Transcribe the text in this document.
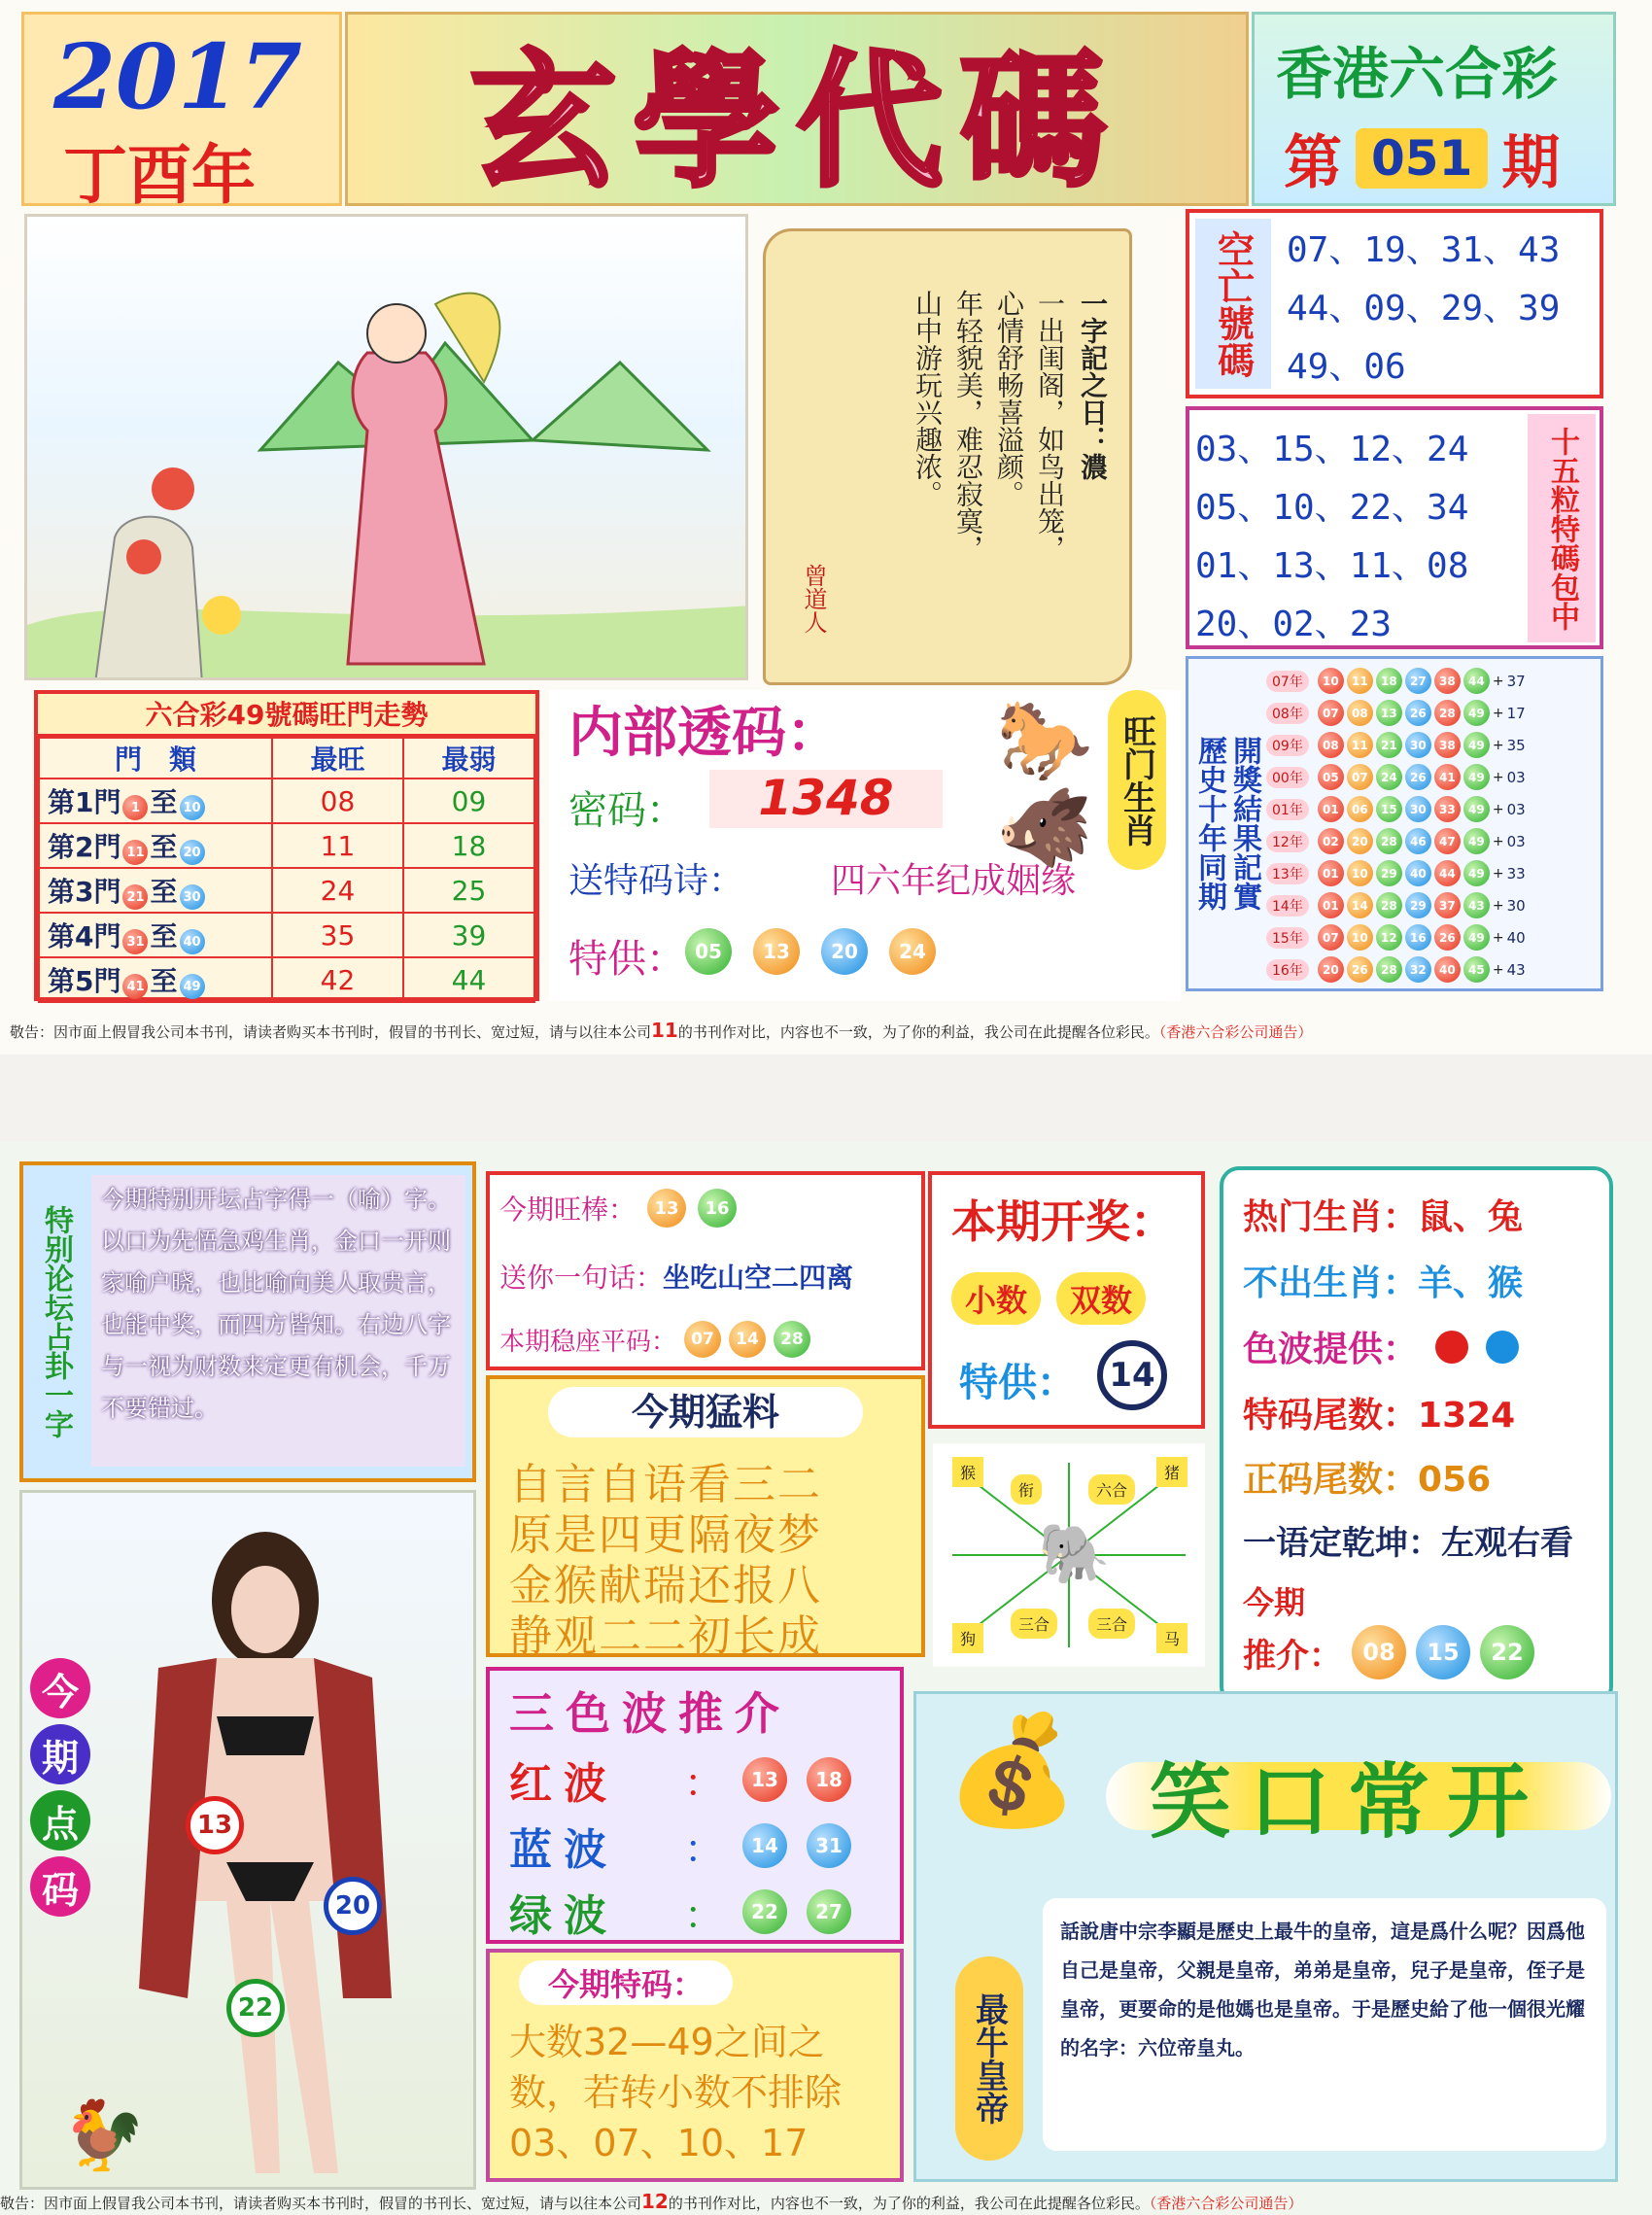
2017
丁酉年 玄學代碼	香港六合彩
第 051 期
一字記之日：濃
一出闺阁，如鸟出笼，
心情舒畅喜溢颜。
年轻貌美，难忍寂寞，
山中游玩兴趣浓。
曾道人
空亡號碼 07、19、31、43
44、09、29、39
49、06
03、15、12、24
05、10、22、34
01、13、11、08
20、02、23	十五粒特碼包中
六合彩49號碼旺門走勢
門　類	最旺	最弱
第1門 1 至 10	08	09
第2門 11 至 20	11	18
第3門 21 至 30	24	25
第4門 31 至 40	35	39
第5門 41 至 49	42	44
内部透码：
密码：	1348
送特码诗： 四六年纪成姻缘
特供： 05	13	20	24
🐎
🐗 旺门生肖	歷史十年同期 開獎結果記實
07年	10	11	18	27	38	44 + 37
08年	07	08	13	26	28	49 + 17
09年	08	11	21	30	38	49 + 35
00年	05	07	24	26	41	49 + 03
01年	01	06	15	30	33	49 + 03
12年	02	20	28	46	47	49 + 03
13年	01	10	29	40	44	49 + 33
14年	01	14	28	29	37	43 + 30
15年	07	10	12	16	26	49 + 40
16年	20	26	28	32	40	45 + 43
敬告：因市面上假冒我公司本书刊，请读者购买本书刊时，假冒的书刊长、宽过短，请与以往本公司11的书刊作对比，内容也不一致，为了你的利益，我公司在此提醒各位彩民。（香港六合彩公司通告）
特别论坛占卦一字
今期特别开坛占字得一（喻）字。以口为先悟急鸡生肖，金口一开则家喻户晓，也比喻向美人取贵言，也能中奖，而四方皆知。右边八字与一视为财数来定更有机会，千万不要错过。
🐓
今
期
点
码
13
20
22
今期旺棒：	13	16
送你一句话：坐吃山空二四离
本期稳座平码： 07	14	28
本期开奖：
小数	双数
特供：	14
热门生肖：鼠、兔
不出生肖：羊、猴
色波提供：
特码尾数：1324
正码尾数：056
一语定乾坤：左观右看
今期
推介： 08	15	22
今期猛料
自言自语看三二
原是四更隔夜梦
金猴献瑞还报八
静观二二初长成
🐘
猴
衔	六合
猪
狗
三合	三合
马
三色波推介
红波	：	13	18
蓝波	：	14	31
绿波	：	22	27
今期特码：
大数32—49之间之数，若转小数不排除03、07、10、17
💰 笑口常开
最牛皇帝
話說唐中宗李顯是歷史上最牛的皇帝，這是爲什么呢？因爲他自己是皇帝，父親是皇帝，弟弟是皇帝，兒子是皇帝，侄子是皇帝，更要命的是他媽也是皇帝。于是歷史給了他一個很光耀的名字：六位帝皇丸。
敬告：因市面上假冒我公司本书刊，请读者购买本书刊时，假冒的书刊长、宽过短，请与以往本公司12的书刊作对比，内容也不一致，为了你的利益，我公司在此提醒各位彩民。（香港六合彩公司通告）
